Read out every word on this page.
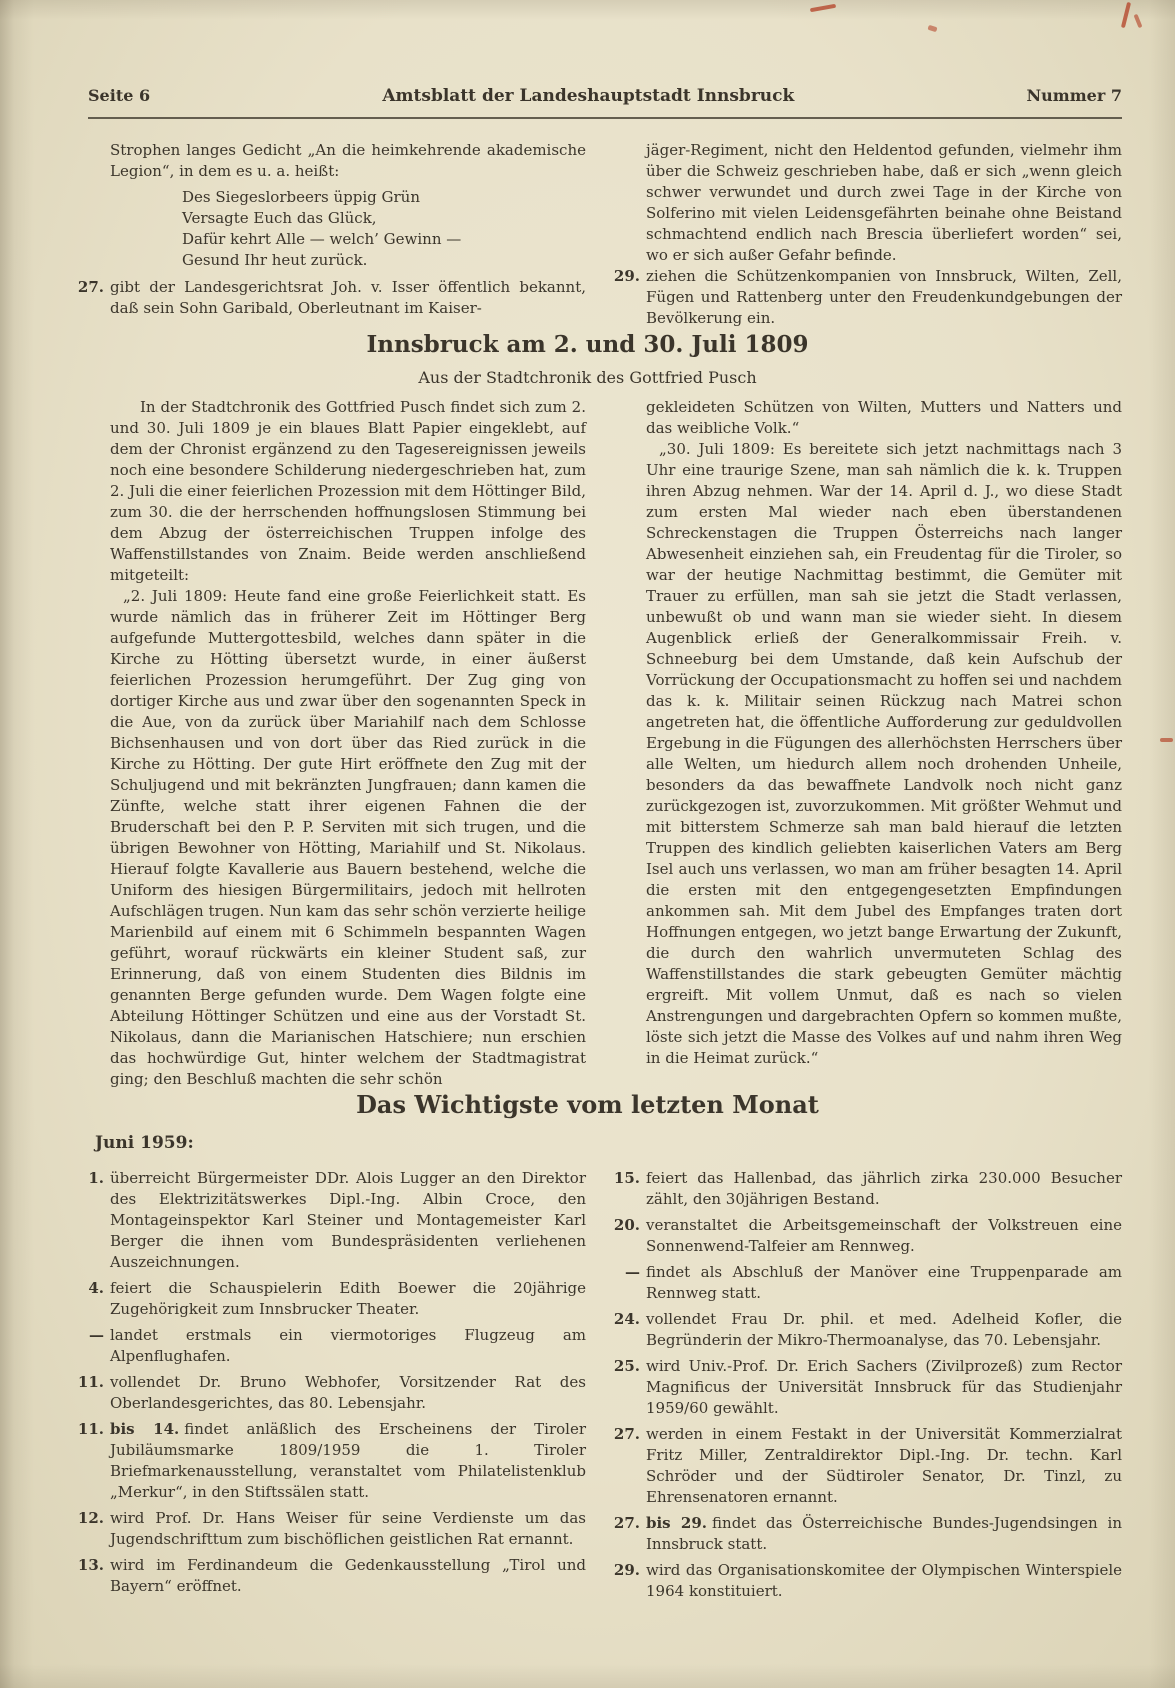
Seite 6	Amtsblatt der Landeshauptstadt Innsbruck	Nummer 7

Strophen langes Gedicht „An die heimkehrende akademische Legion“, in dem es u. a. heißt:

Des Siegeslorbeers üppig Grün
Versagte Euch das Glück,
Dafür kehrt Alle — welch’ Gewinn —
Gesund Ihr heut zurück.
27. gibt der Landesgerichtsrat Joh. v. Isser öffentlich bekannt, daß sein Sohn Garibald, Oberleutnant im Kaiser-

jäger-Regiment, nicht den Heldentod gefunden, vielmehr ihm über die Schweiz geschrieben habe, daß er sich „wenn gleich schwer verwundet und durch zwei Tage in der Kirche von Solferino mit vielen Leidensgefährten beinahe ohne Beistand schmachtend endlich nach Brescia überliefert worden“ sei, wo er sich außer Gefahr befinde.

29. ziehen die Schützenkompanien von Innsbruck, Wilten, Zell, Fügen und Rattenberg unter den Freudenkundgebungen der Bevölkerung ein.
Innsbruck am 2. und 30. Juli 1809
Aus der Stadtchronik des Gottfried Pusch

In der Stadtchronik des Gottfried Pusch findet sich zum 2. und 30. Juli 1809 je ein blaues Blatt Papier eingeklebt, auf dem der Chronist ergänzend zu den Tagesereignissen jeweils noch eine besondere Schilderung niedergeschrieben hat, zum 2. Juli die einer feierlichen Prozession mit dem Höttinger Bild, zum 30. die der herrschenden hoffnungslosen Stimmung bei dem Abzug der österreichischen Truppen infolge des Waffenstillstandes von Znaim. Beide werden anschließend mitgeteilt:

„2. Juli 1809: Heute fand eine große Feierlichkeit statt. Es wurde nämlich das in früherer Zeit im Höttinger Berg aufgefunde Muttergottesbild, welches dann später in die Kirche zu Hötting übersetzt wurde, in einer äußerst feierlichen Prozession herumgeführt. Der Zug ging von dortiger Kirche aus und zwar über den sogenannten Speck in die Aue, von da zurück über Mariahilf nach dem Schlosse Bichsenhausen und von dort über das Ried zurück in die Kirche zu Hötting. Der gute Hirt eröffnete den Zug mit der Schuljugend und mit bekränzten Jungfrauen; dann kamen die Zünfte, welche statt ihrer eigenen Fahnen die der Bruderschaft bei den P. P. Serviten mit sich trugen, und die übrigen Bewohner von Hötting, Mariahilf und St. Nikolaus. Hierauf folgte Kavallerie aus Bauern bestehend, welche die Uniform des hiesigen Bürgermilitairs, jedoch mit hellroten Aufschlägen trugen. Nun kam das sehr schön verzierte heilige Marienbild auf einem mit 6 Schimmeln bespannten Wagen geführt, worauf rückwärts ein kleiner Student saß, zur Erinnerung, daß von einem Studenten dies Bildnis im genannten Berge gefunden wurde. Dem Wagen folgte eine Abteilung Höttinger Schützen und eine aus der Vorstadt St. Nikolaus, dann die Marianischen Hatschiere; nun erschien das hochwürdige Gut, hinter welchem der Stadtmagistrat ging; den Beschluß machten die sehr schön

gekleideten Schützen von Wilten, Mutters und Natters und das weibliche Volk.“

„30. Juli 1809: Es bereitete sich jetzt nachmittags nach 3 Uhr eine traurige Szene, man sah nämlich die k. k. Truppen ihren Abzug nehmen. War der 14. April d. J., wo diese Stadt zum ersten Mal wieder nach eben überstandenen Schreckenstagen die Truppen Österreichs nach langer Abwesenheit einziehen sah, ein Freudentag für die Tiroler, so war der heutige Nachmittag bestimmt, die Gemüter mit Trauer zu erfüllen, man sah sie jetzt die Stadt verlassen, unbewußt ob und wann man sie wieder sieht. In diesem Augenblick erließ der Generalkommissair Freih. v. Schneeburg bei dem Umstande, daß kein Aufschub der Vorrückung der Occupationsmacht zu hoffen sei und nachdem das k. k. Militair seinen Rückzug nach Matrei schon angetreten hat, die öffentliche Aufforderung zur geduldvollen Ergebung in die Fügungen des allerhöchsten Herrschers über alle Welten, um hiedurch allem noch drohenden Unheile, besonders da das bewaffnete Landvolk noch nicht ganz zurückgezogen ist, zuvorzukommen. Mit größter Wehmut und mit bitterstem Schmerze sah man bald hierauf die letzten Truppen des kindlich geliebten kaiserlichen Vaters am Berg Isel auch uns verlassen, wo man am früher besagten 14. April die ersten mit den entgegengesetzten Empfindungen ankommen sah. Mit dem Jubel des Empfanges traten dort Hoffnungen entgegen, wo jetzt bange Erwartung der Zukunft, die durch den wahrlich unvermuteten Schlag des Waffenstillstandes die stark gebeugten Gemüter mächtig ergreift. Mit vollem Unmut, daß es nach so vielen Anstrengungen und dargebrachten Opfern so kommen mußte, löste sich jetzt die Masse des Volkes auf und nahm ihren Weg in die Heimat zurück.“

Das Wichtigste vom letzten Monat
Juni 1959:
1. überreicht Bürgermeister DDr. Alois Lugger an den Direktor des Elektrizitätswerkes Dipl.-Ing. Albin Croce, den Montageinspektor Karl Steiner und Montagemeister Karl Berger die ihnen vom Bundespräsidenten verliehenen Auszeichnungen.
4. feiert die Schauspielerin Edith Boewer die 20jährige Zugehörigkeit zum Innsbrucker Theater.
— landet erstmals ein viermotoriges Flugzeug am Alpenflughafen.
11. vollendet Dr. Bruno Webhofer, Vorsitzender Rat des Oberlandesgerichtes, das 80. Lebensjahr.
11. bis 14. findet anläßlich des Erscheinens der Tiroler Jubiläumsmarke 1809/1959 die 1. Tiroler Briefmarkenausstellung, veranstaltet vom Philatelistenklub „Merkur“, in den Stiftssälen statt.
12. wird Prof. Dr. Hans Weiser für seine Verdienste um das Jugendschrifttum zum bischöflichen geistlichen Rat ernannt.
13. wird im Ferdinandeum die Gedenkausstellung „Tirol und Bayern“ eröffnet.
15. feiert das Hallenbad, das jährlich zirka 230.000 Besucher zählt, den 30jährigen Bestand.
20. veranstaltet die Arbeitsgemeinschaft der Volkstreuen eine Sonnenwend-Talfeier am Rennweg.
— findet als Abschluß der Manöver eine Truppenparade am Rennweg statt.
24. vollendet Frau Dr. phil. et med. Adelheid Kofler, die Begründerin der Mikro-Thermoanalyse, das 70. Lebensjahr.
25. wird Univ.-Prof. Dr. Erich Sachers (Zivilprozeß) zum Rector Magnificus der Universität Innsbruck für das Studienjahr 1959/60 gewählt.
27. werden in einem Festakt in der Universität Kommerzialrat Fritz Miller, Zentraldirektor Dipl.-Ing. Dr. techn. Karl Schröder und der Südtiroler Senator, Dr. Tinzl, zu Ehrensenatoren ernannt.
27. bis 29. findet das Österreichische Bundes-Jugendsingen in Innsbruck statt.
29. wird das Organisationskomitee der Olympischen Winterspiele 1964 konstituiert.
